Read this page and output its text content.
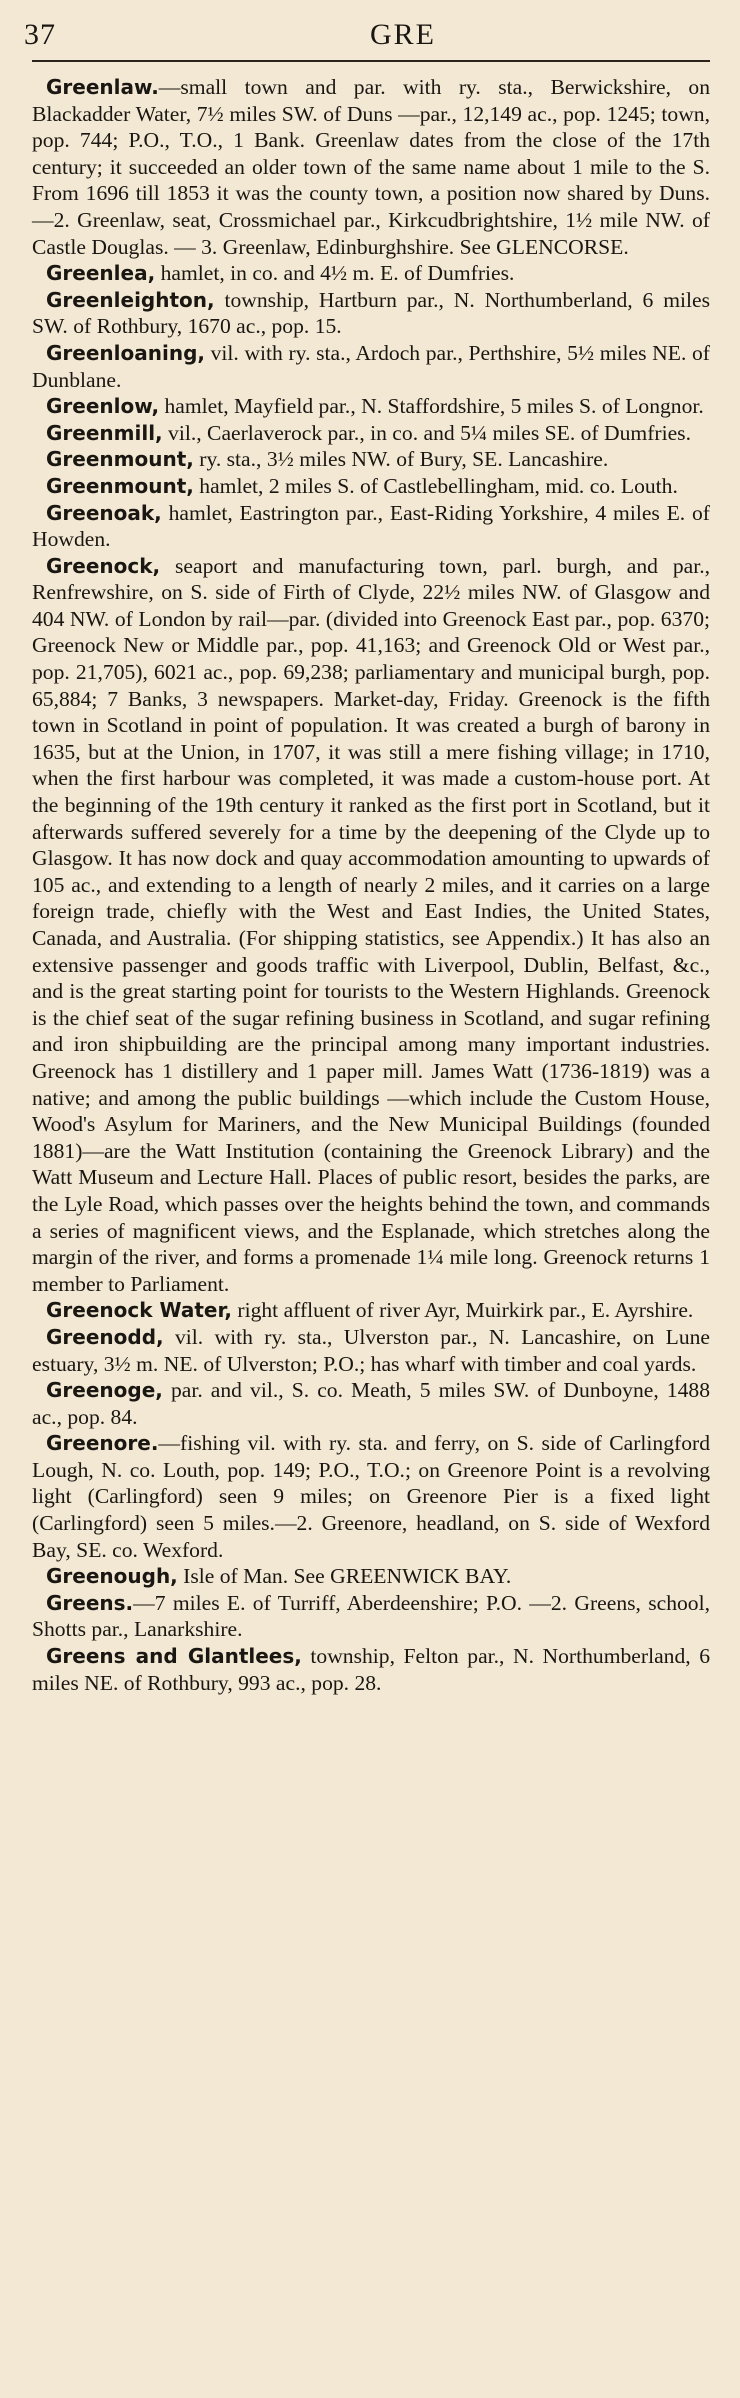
37	GRE

Greenlaw.—small town and par. with ry. sta., Berwickshire, on Blackadder Water, 7½ miles SW. of Duns —par., 12,149 ac., pop. 1245; town, pop. 744; P.O., T.O., 1 Bank. Greenlaw dates from the close of the 17th century; it succeeded an older town of the same name about 1 mile to the S. From 1696 till 1853 it was the county town, a position now shared by Duns. —2. Greenlaw, seat, Crossmichael par., Kirkcudbrightshire, 1½ mile NW. of Castle Douglas. — 3. Greenlaw, Edinburghshire. See GLENCORSE.

Greenlea, hamlet, in co. and 4½ m. E. of Dumfries.

Greenleighton, township, Hartburn par., N. Northumberland, 6 miles SW. of Rothbury, 1670 ac., pop. 15.

Greenloaning, vil. with ry. sta., Ardoch par., Perthshire, 5½ miles NE. of Dunblane.

Greenlow, hamlet, Mayfield par., N. Staffordshire, 5 miles S. of Longnor.

Greenmill, vil., Caerlaverock par., in co. and 5¼ miles SE. of Dumfries.

Greenmount, ry. sta., 3½ miles NW. of Bury, SE. Lancashire.

Greenmount, hamlet, 2 miles S. of Castlebellingham, mid. co. Louth.

Greenoak, hamlet, Eastrington par., East-Riding Yorkshire, 4 miles E. of Howden.

Greenock, seaport and manufacturing town, parl. burgh, and par., Renfrewshire, on S. side of Firth of Clyde, 22½ miles NW. of Glasgow and 404 NW. of London by rail—par. (divided into Greenock East par., pop. 6370; Greenock New or Middle par., pop. 41,163; and Greenock Old or West par., pop. 21,705), 6021 ac., pop. 69,238; parliamentary and municipal burgh, pop. 65,884; 7 Banks, 3 newspapers. Market-day, Friday. Greenock is the fifth town in Scotland in point of population. It was created a burgh of barony in 1635, but at the Union, in 1707, it was still a mere fishing village; in 1710, when the first harbour was completed, it was made a custom-house port. At the beginning of the 19th century it ranked as the first port in Scotland, but it afterwards suffered severely for a time by the deepening of the Clyde up to Glasgow. It has now dock and quay accommodation amounting to upwards of 105 ac., and extending to a length of nearly 2 miles, and it carries on a large foreign trade, chiefly with the West and East Indies, the United States, Canada, and Australia. (For shipping statistics, see Appendix.) It has also an extensive passenger and goods traffic with Liverpool, Dublin, Belfast, &c., and is the great starting point for tourists to the Western Highlands. Greenock is the chief seat of the sugar refining business in Scotland, and sugar refining and iron shipbuilding are the principal among many important industries. Greenock has 1 distillery and 1 paper mill. James Watt (1736-1819) was a native; and among the public buildings —which include the Custom House, Wood's Asylum for Mariners, and the New Municipal Buildings (founded 1881)—are the Watt Institution (containing the Greenock Library) and the Watt Museum and Lecture Hall. Places of public resort, besides the parks, are the Lyle Road, which passes over the heights behind the town, and commands a series of magnificent views, and the Esplanade, which stretches along the margin of the river, and forms a promenade 1¼ mile long. Greenock returns 1 member to Parliament.

Greenock Water, right affluent of river Ayr, Muirkirk par., E. Ayrshire.

Greenodd, vil. with ry. sta., Ulverston par., N. Lancashire, on Lune estuary, 3½ m. NE. of Ulverston; P.O.; has wharf with timber and coal yards.

Greenoge, par. and vil., S. co. Meath, 5 miles SW. of Dunboyne, 1488 ac., pop. 84.

Greenore.—fishing vil. with ry. sta. and ferry, on S. side of Carlingford Lough, N. co. Louth, pop. 149; P.O., T.O.; on Greenore Point is a revolving light (Carlingford) seen 9 miles; on Greenore Pier is a fixed light (Carlingford) seen 5 miles.—2. Greenore, headland, on S. side of Wexford Bay, SE. co. Wexford.

Greenough, Isle of Man. See GREENWICK BAY.

Greens.—7 miles E. of Turriff, Aberdeenshire; P.O. —2. Greens, school, Shotts par., Lanarkshire.

Greens and Glantlees, township, Felton par., N. Northumberland, 6 miles NE. of Rothbury, 993 ac., pop. 28.
